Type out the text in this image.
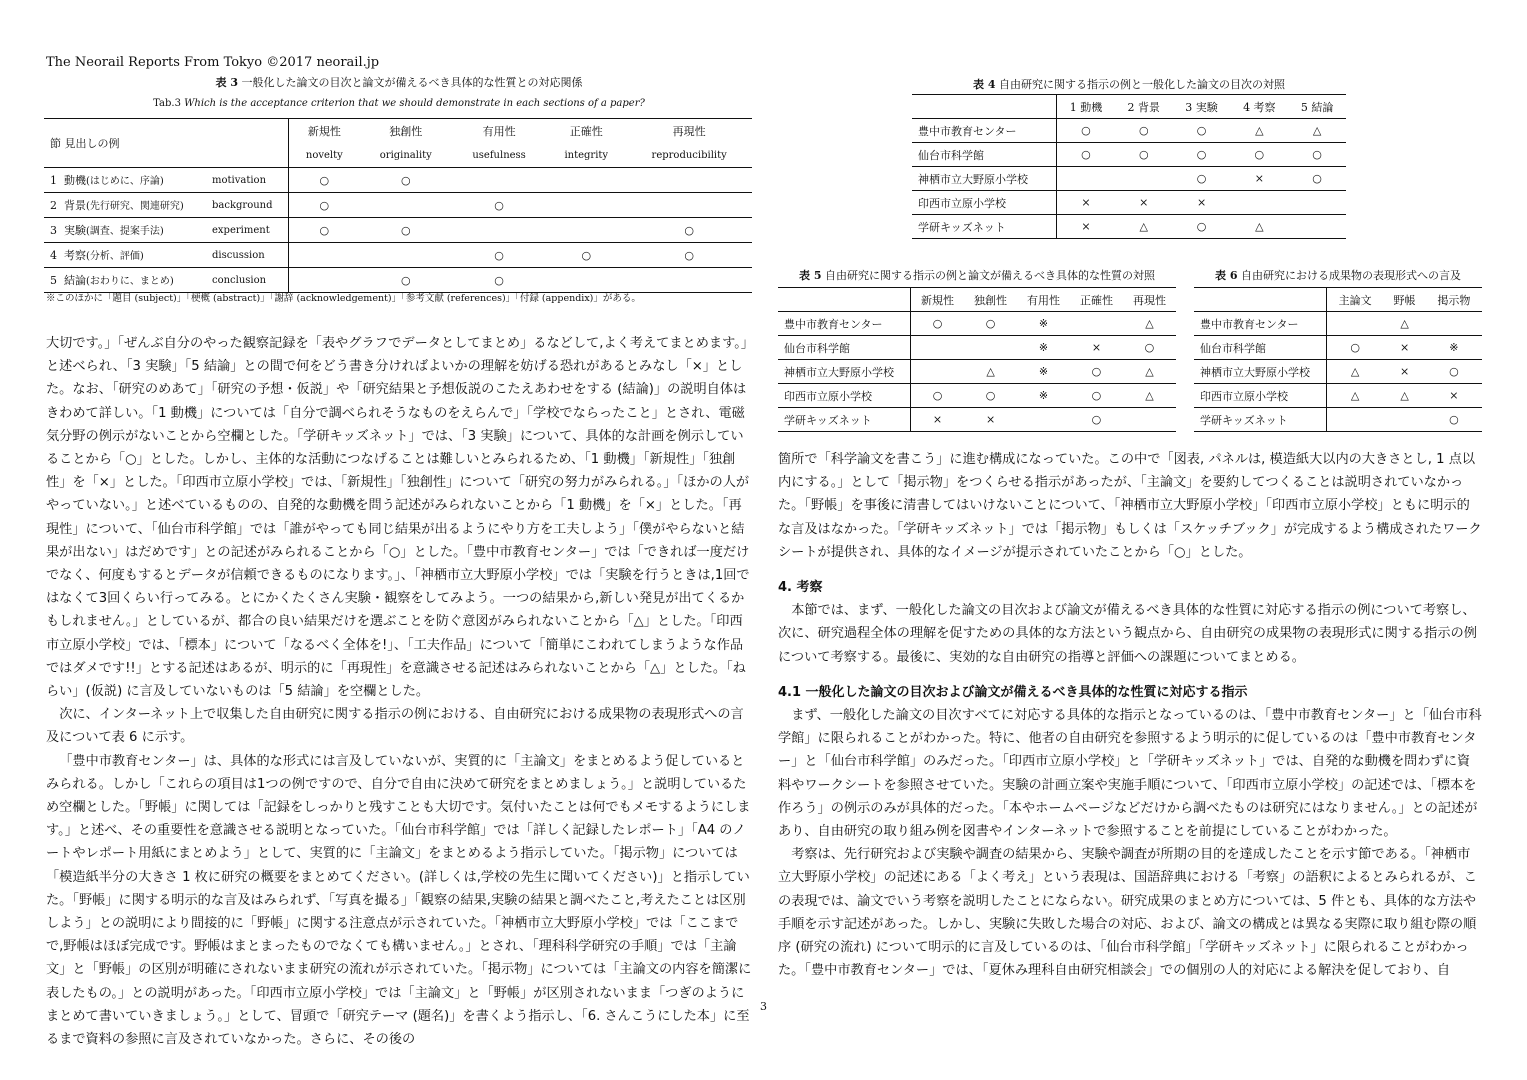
The Neorail Reports From Tokyo ©2017 neorail.jp
表 3 一般化した論文の目次と論文が備えるべき具体的な性質との対応関係
Tab.3 Which is the acceptance criterion that we should demonstrate in each sections of a paper?
節 見出しの例		新規性	独創性	有用性	正確性	再現性
		novelty	originality	usefulness	integrity	reproducibility
1 動機(はじめに、序論)	motivation	○	○			
2 背景(先行研究、関連研究)	background	○		○		
3 実験(調査、提案手法)	experiment	○	○			○
4 考察(分析、評価)	discussion			○	○	○
5 結論(おわりに、まとめ)	conclusion		○	○		
※このほかに「題目 (subject)」「梗概 (abstract)」「謝辞 (acknowledgement)」「参考文献 (references)」「付録 (appendix)」がある。
表 4 自由研究に関する指示の例と一般化した論文の目次の対照
	1 動機	2 背景	3 実験	4 考察	5 結論
豊中市教育センター	○	○	○	△	△
仙台市科学館	○	○	○	○	○
神栖市立大野原小学校			○	×	○
印西市立原小学校	×	×	×		
学研キッズネット	×	△	○	△	
表 5 自由研究に関する指示の例と論文が備えるべき具体的な性質の対照
	新規性	独創性	有用性	正確性	再現性
豊中市教育センター	○	○	※		△
仙台市科学館			※	×	○
神栖市立大野原小学校		△	※	○	△
印西市立原小学校	○	○	※	○	△
学研キッズネット	×	×		○	
表 6 自由研究における成果物の表現形式への言及
	主論文	野帳	掲示物
豊中市教育センター		△	
仙台市科学館	○	×	※
神栖市立大野原小学校	△	×	○
印西市立原小学校	△	△	×
学研キッズネット			○

大切です。」「ぜんぶ自分のやった観察記録を「表やグラフでデータとしてまとめ」るなどして,よく考えてまとめます。」と述べられ、「3 実験」「5 結論」との間で何をどう書き分ければよいかの理解を妨げる恐れがあるとみなし「×」とした。なお、「研究のめあて」「研究の予想・仮説」や「研究結果と予想仮説のこたえあわせをする (結論)」の説明自体はきわめて詳しい。「1 動機」については「自分で調べられそうなものをえらんで」「学校でならったこと」とされ、電磁気分野の例示がないことから空欄とした。「学研キッズネット」では、「3 実験」について、具体的な計画を例示していることから「○」とした。しかし、主体的な活動につなげることは難しいとみられるため、「1 動機」「新規性」「独創性」を「×」とした。「印西市立原小学校」では、「新規性」「独創性」について「研究の努力がみられる。」「ほかの人がやっていない。」と述べているものの、自発的な動機を問う記述がみられないことから「1 動機」を「×」とした。「再現性」について、「仙台市科学館」では「誰がやっても同じ結果が出るようにやり方を工夫しよう」「僕がやらないと結果が出ない」はだめです」との記述がみられることから「○」とした。「豊中市教育センター」では「できれば一度だけでなく、何度もするとデータが信頼できるものになります。」、「神栖市立大野原小学校」では「実験を行うときは,1回ではなくて3回くらい行ってみる。とにかくたくさん実験・観察をしてみよう。一つの結果から,新しい発見が出てくるかもしれません。」としているが、都合の良い結果だけを選ぶことを防ぐ意図がみられないことから「△」とした。「印西市立原小学校」では、「標本」について「なるべく全体を!」、「工夫作品」について「簡単にこわれてしまうような作品ではダメです!!」とする記述はあるが、明示的に「再現性」を意識させる記述はみられないことから「△」とした。「ねらい」(仮説) に言及していないものは「5 結論」を空欄とした。

次に、インターネット上で収集した自由研究に関する指示の例における、自由研究における成果物の表現形式への言及について表 6 に示す。

「豊中市教育センター」は、具体的な形式には言及していないが、実質的に「主論文」をまとめるよう促しているとみられる。しかし「これらの項目は1つの例ですので、自分で自由に決めて研究をまとめましょう。」と説明しているため空欄とした。「野帳」に関しては「記録をしっかりと残すことも大切です。気付いたことは何でもメモするようにします。」と述べ、その重要性を意識させる説明となっていた。「仙台市科学館」では「詳しく記録したレポート」「A4 のノートやレポート用紙にまとめよう」として、実質的に「主論文」をまとめるよう指示していた。「掲示物」については「模造紙半分の大きさ 1 枚に研究の概要をまとめてください。(詳しくは,学校の先生に聞いてください)」と指示していた。「野帳」に関する明示的な言及はみられず、「写真を撮る」「観察の結果,実験の結果と調べたこと,考えたことは区別しよう」との説明により間接的に「野帳」に関する注意点が示されていた。「神栖市立大野原小学校」では「ここまでで,野帳はほぼ完成です。野帳はまとまったものでなくても構いません。」とされ、「理科科学研究の手順」では「主論文」と「野帳」の区別が明確にされないまま研究の流れが示されていた。「掲示物」については「主論文の内容を簡潔に表したもの。」との説明があった。「印西市立原小学校」では「主論文」と「野帳」が区別されないまま「つぎのようにまとめて書いていきましょう。」として、冒頭で「研究テーマ (題名)」を書くよう指示し、「6. さんこうにした本」に至るまで資料の参照に言及されていなかった。さらに、その後の

箇所で「科学論文を書こう」に進む構成になっていた。この中で「図表, パネルは, 模造紙大以内の大きさとし, 1 点以内にする。」として「掲示物」をつくらせる指示があったが、「主論文」を要約してつくることは説明されていなかった。「野帳」を事後に清書してはいけないことについて、「神栖市立大野原小学校」「印西市立原小学校」ともに明示的な言及はなかった。「学研キッズネット」では「掲示物」もしくは「スケッチブック」が完成するよう構成されたワークシートが提供され、具体的なイメージが提示されていたことから「○」とした。

4. 考察

本節では、まず、一般化した論文の目次および論文が備えるべき具体的な性質に対応する指示の例について考察し、次に、研究過程全体の理解を促すための具体的な方法という観点から、自由研究の成果物の表現形式に関する指示の例について考察する。最後に、実効的な自由研究の指導と評価への課題についてまとめる。

4.1 一般化した論文の目次および論文が備えるべき具体的な性質に対応する指示

まず、一般化した論文の目次すべてに対応する具体的な指示となっているのは、「豊中市教育センター」と「仙台市科学館」に限られることがわかった。特に、他者の自由研究を参照するよう明示的に促しているのは「豊中市教育センター」と「仙台市科学館」のみだった。「印西市立原小学校」と「学研キッズネット」では、自発的な動機を問わずに資料やワークシートを参照させていた。実験の計画立案や実施手順について、「印西市立原小学校」の記述では、「標本を作ろう」の例示のみが具体的だった。「本やホームページなどだけから調べたものは研究にはなりません。」との記述があり、自由研究の取り組み例を図書やインターネットで参照することを前提にしていることがわかった。

考察は、先行研究および実験や調査の結果から、実験や調査が所期の目的を達成したことを示す節である。「神栖市立大野原小学校」の記述にある「よく考え」という表現は、国語辞典における「考察」の語釈によるとみられるが、この表現では、論文でいう考察を説明したことにならない。研究成果のまとめ方については、5 件とも、具体的な方法や手順を示す記述があった。しかし、実験に失敗した場合の対応、および、論文の構成とは異なる実際に取り組む際の順序 (研究の流れ) について明示的に言及しているのは、「仙台市科学館」「学研キッズネット」に限られることがわかった。「豊中市教育センター」では、「夏休み理科自由研究相談会」での個別の人的対応による解決を促しており、自

3
